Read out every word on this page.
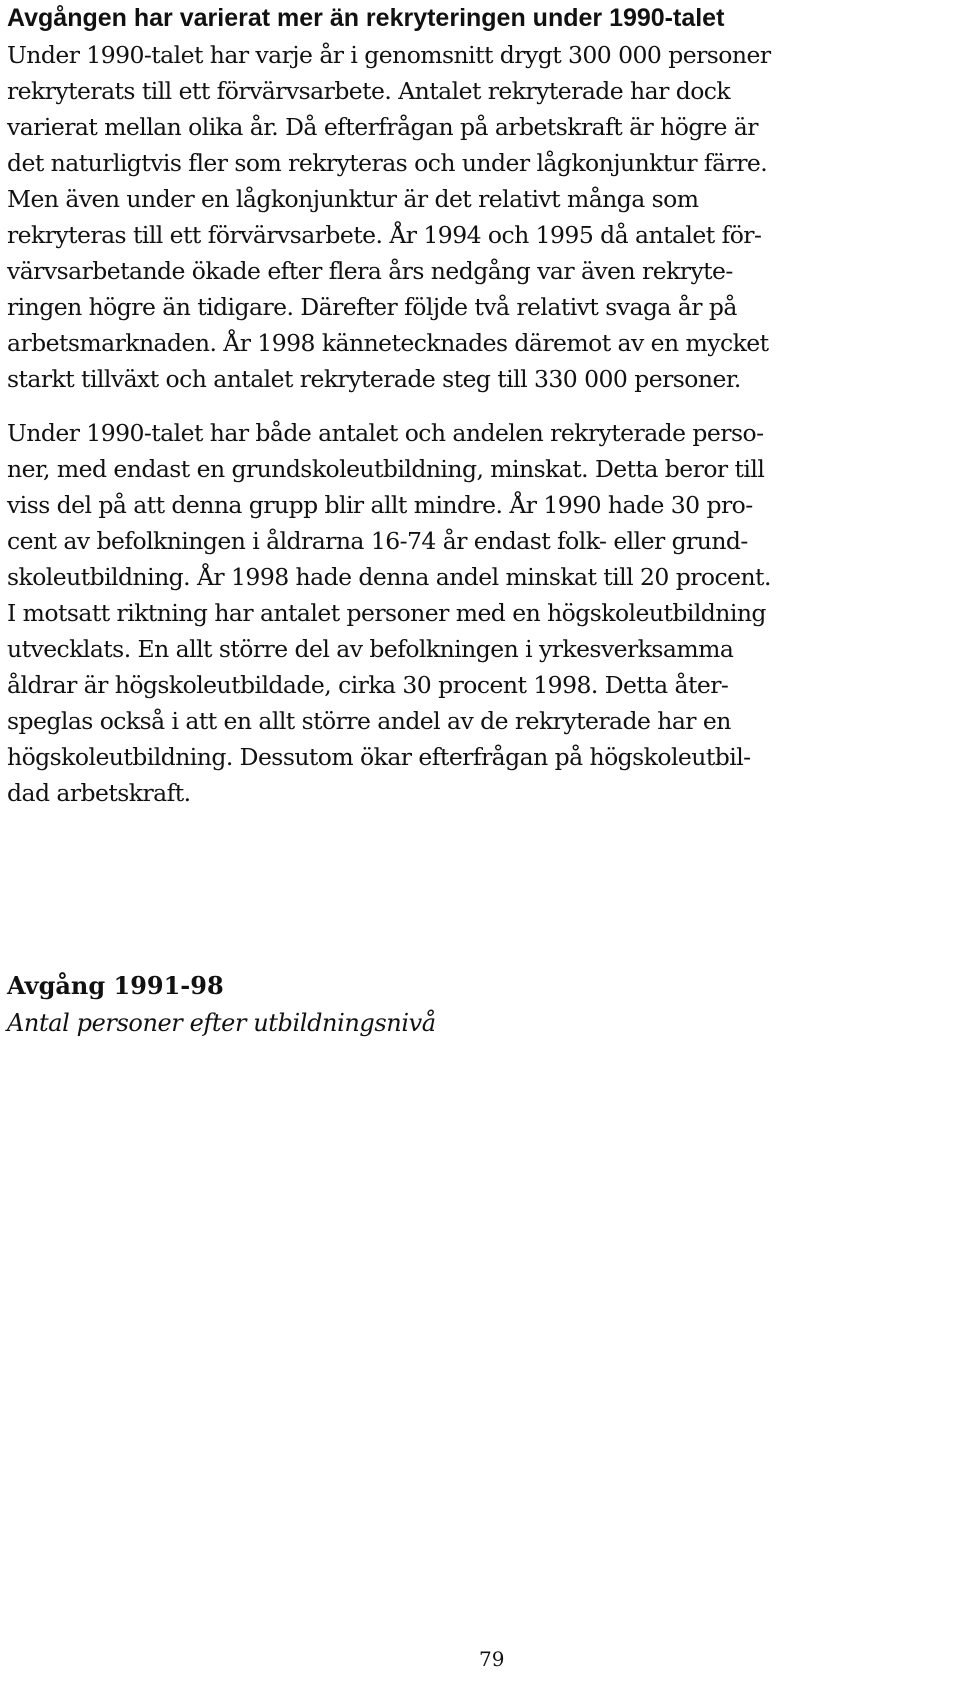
Avgången har varierat mer än rekryteringen under 1990-talet
Under 1990-talet har varje år i genomsnitt drygt 300 000 personer
rekryterats till ett förvärvsarbete. Antalet rekryterade har dock
varierat mellan olika år. Då efterfrågan på arbetskraft är högre är
det naturligtvis fler som rekryteras och under lågkonjunktur färre.
Men även under en lågkonjunktur är det relativt många som
rekryteras till ett förvärvsarbete. År 1994 och 1995 då antalet för-
värvsarbetande ökade efter flera års nedgång var även rekryte-
ringen högre än tidigare. Därefter följde två relativt svaga år på
arbetsmarknaden. År 1998 kännetecknades däremot av en mycket
starkt tillväxt och antalet rekryterade steg till 330 000 personer.
Under 1990-talet har både antalet och andelen rekryterade perso-
ner, med endast en grundskoleutbildning, minskat. Detta beror till
viss del på att denna grupp blir allt mindre. År 1990 hade 30 pro-
cent av befolkningen i åldrarna 16-74 år endast folk- eller grund-
skoleutbildning. År 1998 hade denna andel minskat till 20 procent.
I motsatt riktning har antalet personer med en högskoleutbildning
utvecklats. En allt större del av befolkningen i yrkesverksamma
åldrar är högskoleutbildade, cirka 30 procent 1998. Detta åter-
speglas också i att en allt större andel av de rekryterade har en
högskoleutbildning. Dessutom ökar efterfrågan på högskoleutbil-
dad arbetskraft.
Avgång 1991-98
Antal personer efter utbildningsnivå
79
